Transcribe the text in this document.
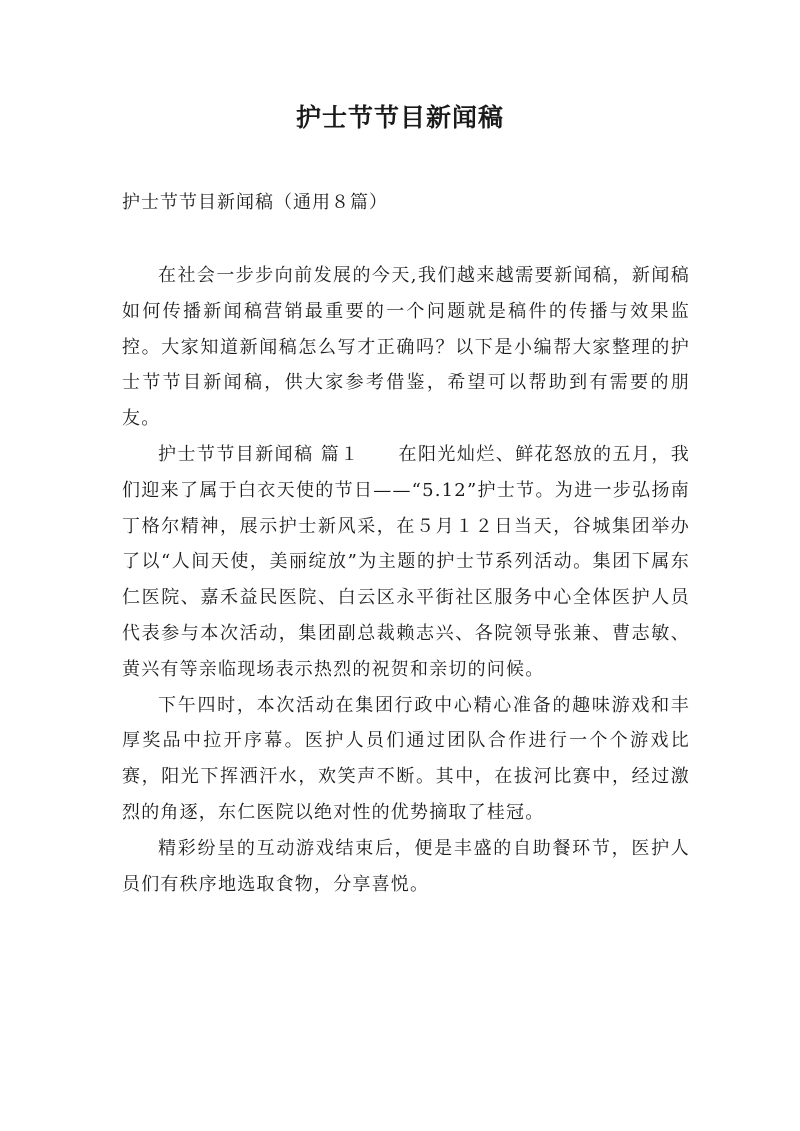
护士节节目新闻稿
护士节节目新闻稿（通用８篇）

在社会一步步向前发展的今天,我们越来越需要新闻稿，新闻稿如何传播新闻稿营销最重要的一个问题就是稿件的传播与效果监控。大家知道新闻稿怎么写才正确吗？以下是小编帮大家整理的护士节节目新闻稿，供大家参考借鉴，希望可以帮助到有需要的朋友。

护士节节目新闻稿 篇１　　在阳光灿烂、鲜花怒放的五月，我们迎来了属于白衣天使的节日——“5.12”护士节。为进一步弘扬南丁格尔精神，展示护士新风采，在５月１２日当天，谷城集团举办了以“人间天使，美丽绽放”为主题的护士节系列活动。集团下属东仁医院、嘉禾益民医院、白云区永平街社区服务中心全体医护人员代表参与本次活动，集团副总裁赖志兴、各院领导张兼、曹志敏、黄兴有等亲临现场表示热烈的祝贺和亲切的问候。

下午四时，本次活动在集团行政中心精心准备的趣味游戏和丰厚奖品中拉开序幕。医护人员们通过团队合作进行一个个游戏比赛，阳光下挥洒汗水，欢笑声不断。其中，在拔河比赛中，经过激烈的角逐，东仁医院以绝对性的优势摘取了桂冠。

精彩纷呈的互动游戏结束后，便是丰盛的自助餐环节，医护人员们有秩序地选取食物，分享喜悦。
